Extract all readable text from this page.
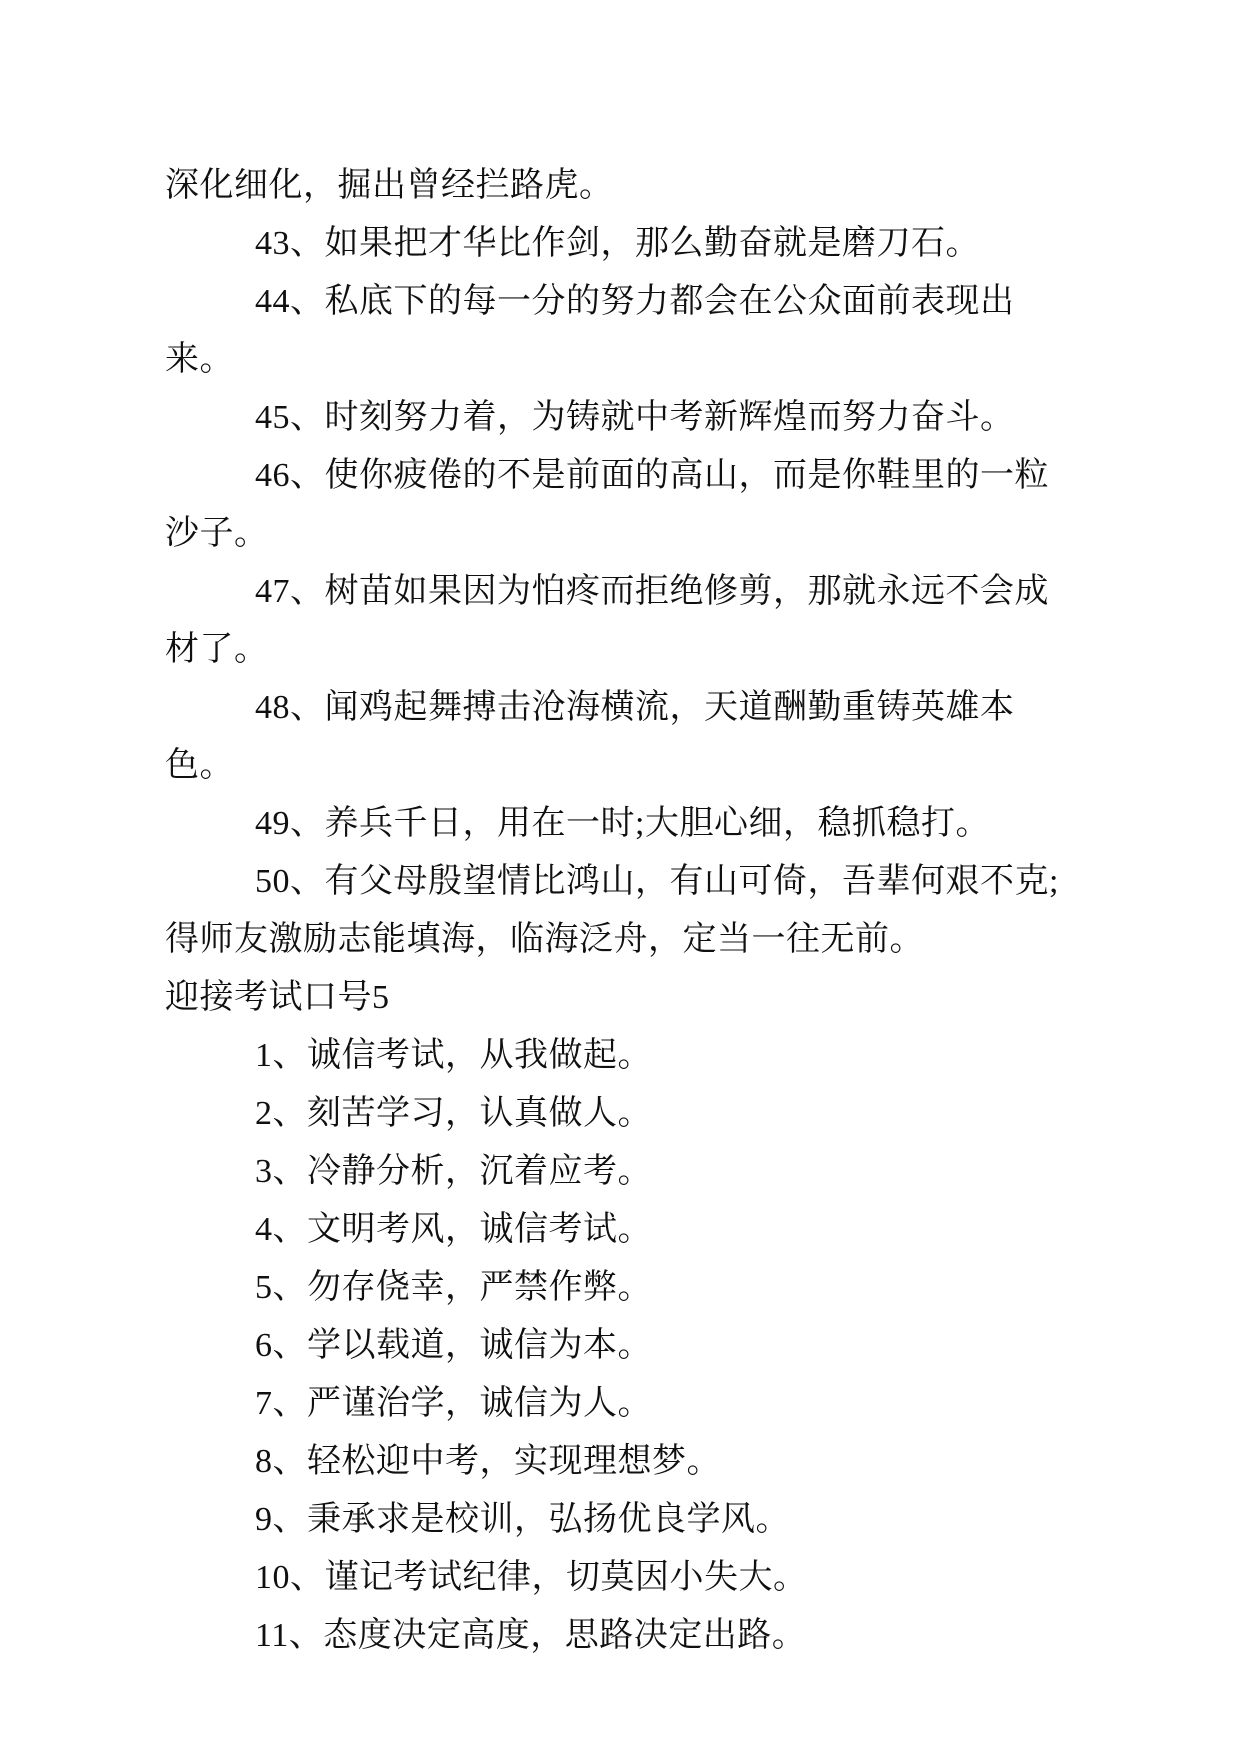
深化细化，掘出曾经拦路虎。

43、如果把才华比作剑，那么勤奋就是磨刀石。

44、私底下的每一分的努力都会在公众面前表现出来。

45、时刻努力着，为铸就中考新辉煌而努力奋斗。

46、使你疲倦的不是前面的高山，而是你鞋里的一粒沙子。

47、树苗如果因为怕疼而拒绝修剪，那就永远不会成材了。

48、闻鸡起舞搏击沧海横流，天道酬勤重铸英雄本色。

49、养兵千日，用在一时;大胆心细，稳抓稳打。

50、有父母殷望情比鸿山，有山可倚，吾辈何艰不克;得师友激励志能填海，临海泛舟，定当一往无前。

迎接考试口号5

1、诚信考试，从我做起。

2、刻苦学习，认真做人。

3、冷静分析，沉着应考。

4、文明考风，诚信考试。

5、勿存侥幸，严禁作弊。

6、学以载道，诚信为本。

7、严谨治学，诚信为人。

8、轻松迎中考，实现理想梦。

9、秉承求是校训，弘扬优良学风。

10、谨记考试纪律，切莫因小失大。

11、态度决定高度，思路决定出路。
